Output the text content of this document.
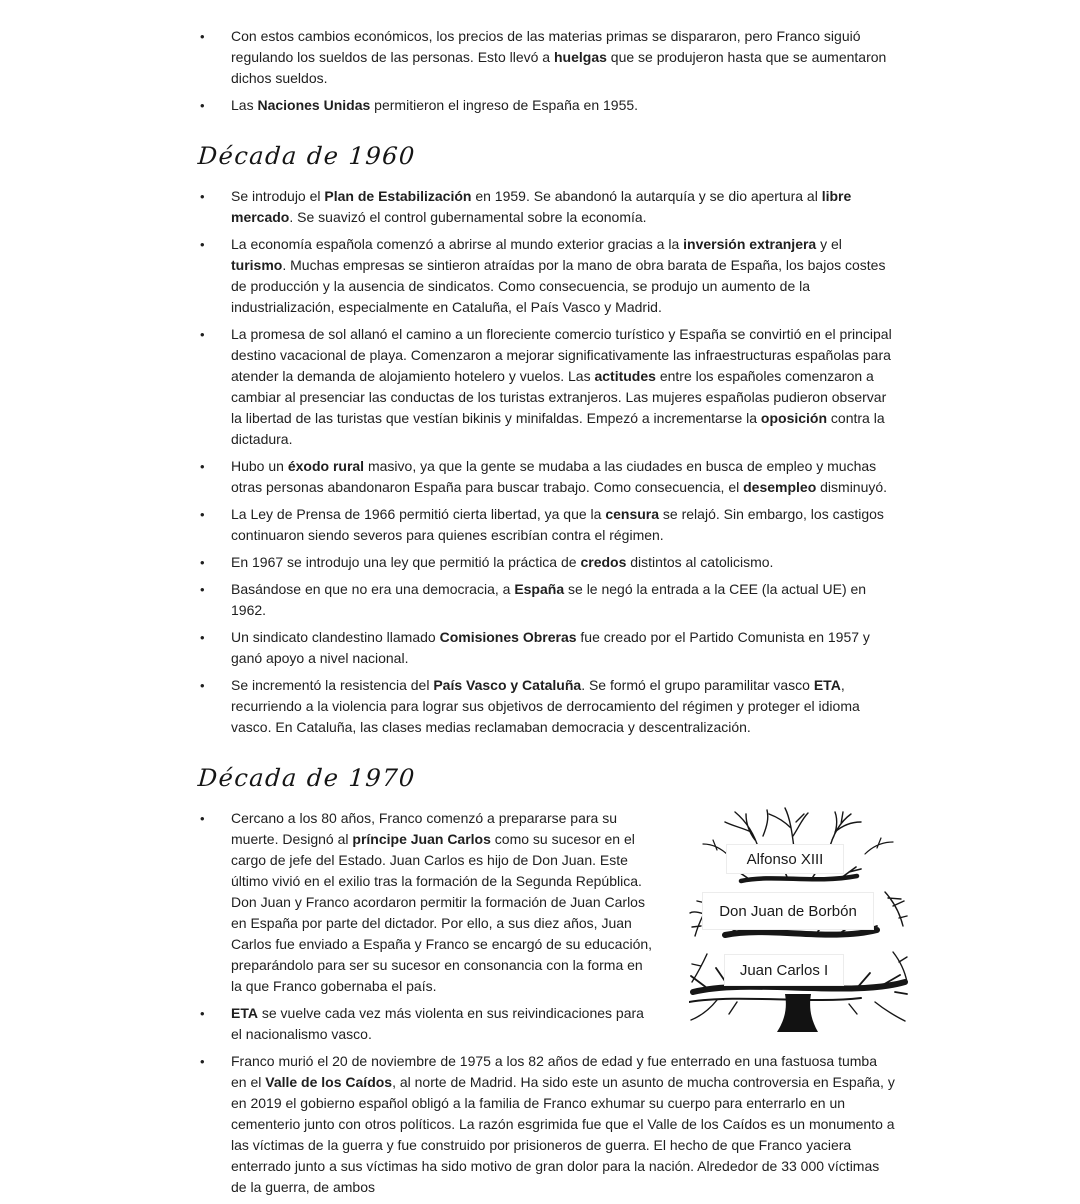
• Con estos cambios económicos, los precios de las materias primas se dispararon, pero Franco siguió regulando los sueldos de las personas. Esto llevó a huelgas que se produjeron hasta que se aumentaron dichos sueldos.
• Las Naciones Unidas permitieron el ingreso de España en 1955.
Década de 1960
• Se introdujo el Plan de Estabilización en 1959. Se abandonó la autarquía y se dio apertura al libre mercado. Se suavizó el control gubernamental sobre la economía.
• La economía española comenzó a abrirse al mundo exterior gracias a la inversión extranjera y el turismo. Muchas empresas se sintieron atraídas por la mano de obra barata de España, los bajos costes de producción y la ausencia de sindicatos. Como consecuencia, se produjo un aumento de la industrialización, especialmente en Cataluña, el País Vasco y Madrid.
• La promesa de sol allanó el camino a un floreciente comercio turístico y España se convirtió en el principal destino vacacional de playa. Comenzaron a mejorar significativamente las infraestructuras españolas para atender la demanda de alojamiento hotelero y vuelos. Las actitudes entre los españoles comenzaron a cambiar al presenciar las conductas de los turistas extranjeros. Las mujeres españolas pudieron observar la libertad de las turistas que vestían bikinis y minifaldas. Empezó a incrementarse la oposición contra la dictadura.
• Hubo un éxodo rural masivo, ya que la gente se mudaba a las ciudades en busca de empleo y muchas otras personas abandonaron España para buscar trabajo. Como consecuencia, el desempleo disminuyó.
• La Ley de Prensa de 1966 permitió cierta libertad, ya que la censura se relajó. Sin embargo, los castigos continuaron siendo severos para quienes escribían contra el régimen.
• En 1967 se introdujo una ley que permitió la práctica de credos distintos al catolicismo.
• Basándose en que no era una democracia, a España se le negó la entrada a la CEE (la actual UE) en 1962.
• Un sindicato clandestino llamado Comisiones Obreras fue creado por el Partido Comunista en 1957 y ganó apoyo a nivel nacional.
• Se incrementó la resistencia del País Vasco y Cataluña. Se formó el grupo paramilitar vasco ETA, recurriendo a la violencia para lograr sus objetivos de derrocamiento del régimen y proteger el idioma vasco. En Cataluña, las clases medias reclamaban democracia y descentralización.
Década de 1970
Alfonso XIII
Don Juan de Borbón
Juan Carlos I
• Cercano a los 80 años, Franco comenzó a prepararse para su muerte. Designó al príncipe Juan Carlos como su sucesor en el cargo de jefe del Estado. Juan Carlos es hijo de Don Juan. Este último vivió en el exilio tras la formación de la Segunda República. Don Juan y Franco acordaron permitir la formación de Juan Carlos en España por parte del dictador. Por ello, a sus diez años, Juan Carlos fue enviado a España y Franco se encargó de su educación, preparándolo para ser su sucesor en consonancia con la forma en la que Franco gobernaba el país.
• ETA se vuelve cada vez más violenta en sus reivindicaciones para el nacionalismo vasco.
• Franco murió el 20 de noviembre de 1975 a los 82 años de edad y fue enterrado en una fastuosa tumba en el Valle de los Caídos, al norte de Madrid. Ha sido este un asunto de mucha controversia en España, y en 2019 el gobierno español obligó a la familia de Franco exhumar su cuerpo para enterrarlo en un cementerio junto con otros políticos. La razón esgrimida fue que el Valle de los Caídos es un monumento a las víctimas de la guerra y fue construido por prisioneros de guerra. El hecho de que Franco yaciera enterrado junto a sus víctimas ha sido motivo de gran dolor para la nación. Alrededor de 33 000 víctimas de la guerra, de ambos
